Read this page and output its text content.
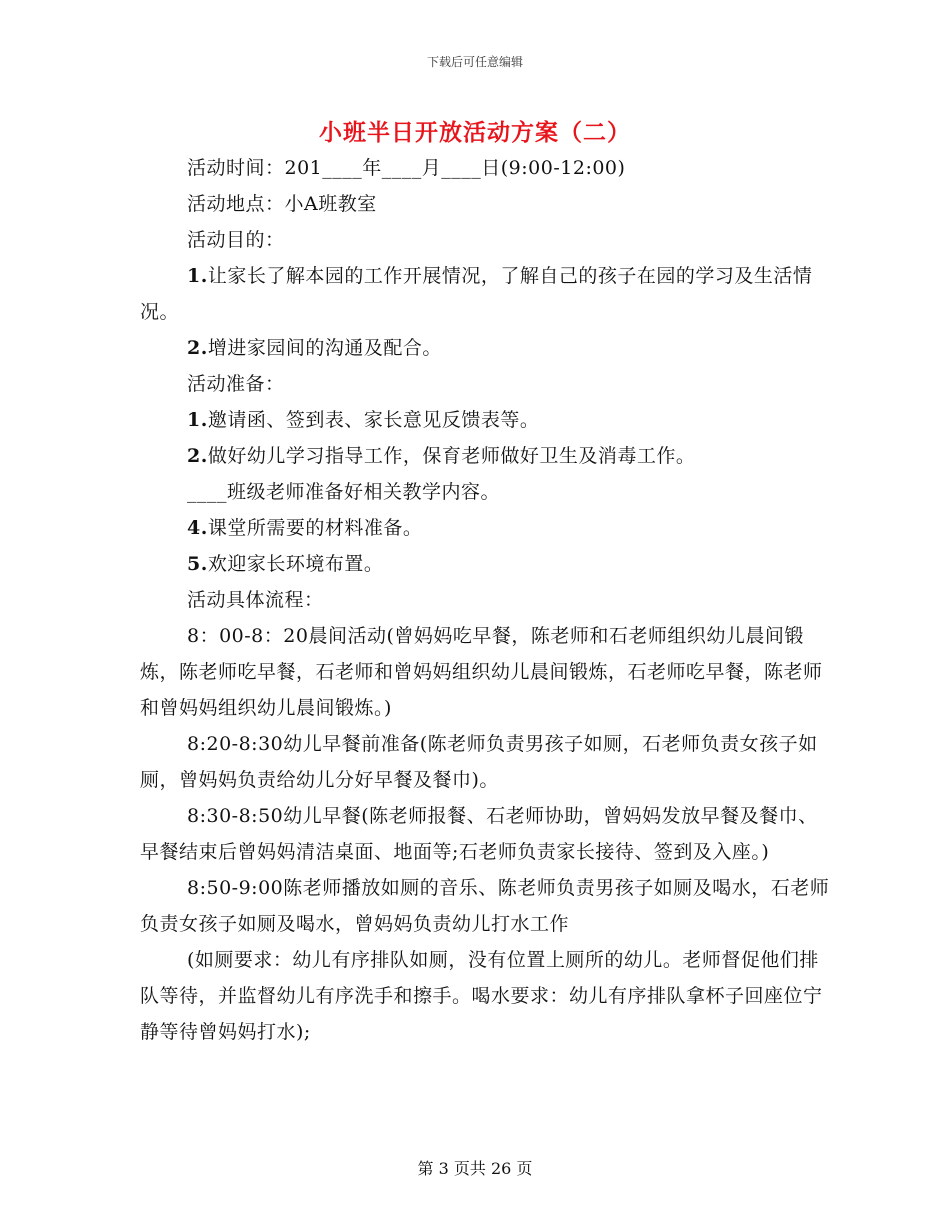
下载后可任意编辑
小班半日开放活动方案（二）

活动时间：201____年____月____日(9:00-12:00)

活动地点：小A班教室

活动目的：

1.让家长了解本园的工作开展情况，了解自己的孩子在园的学习及生活情况。

2.增进家园间的沟通及配合。

活动准备：

1.邀请函、签到表、家长意见反馈表等。

2.做好幼儿学习指导工作，保育老师做好卫生及消毒工作。

____班级老师准备好相关教学内容。

4.课堂所需要的材料准备。

5.欢迎家长环境布置。

活动具体流程：

8：00-8：20晨间活动(曾妈妈吃早餐，陈老师和石老师组织幼儿晨间锻炼，陈老师吃早餐，石老师和曾妈妈组织幼儿晨间锻炼，石老师吃早餐，陈老师和曾妈妈组织幼儿晨间锻炼。)

8:20-8:30幼儿早餐前准备(陈老师负责男孩子如厕，石老师负责女孩子如厕，曾妈妈负责给幼儿分好早餐及餐巾)。

8:30-8:50幼儿早餐(陈老师报餐、石老师协助，曾妈妈发放早餐及餐巾、早餐结束后曾妈妈清洁桌面、地面等;石老师负责家长接待、签到及入座。)

8:50-9:00陈老师播放如厕的音乐、陈老师负责男孩子如厕及喝水，石老师负责女孩子如厕及喝水，曾妈妈负责幼儿打水工作

(如厕要求：幼儿有序排队如厕，没有位置上厕所的幼儿。老师督促他们排队等待，并监督幼儿有序洗手和擦手。喝水要求：幼儿有序排队拿杯子回座位宁静等待曾妈妈打水);

第 3 页共 26 页
